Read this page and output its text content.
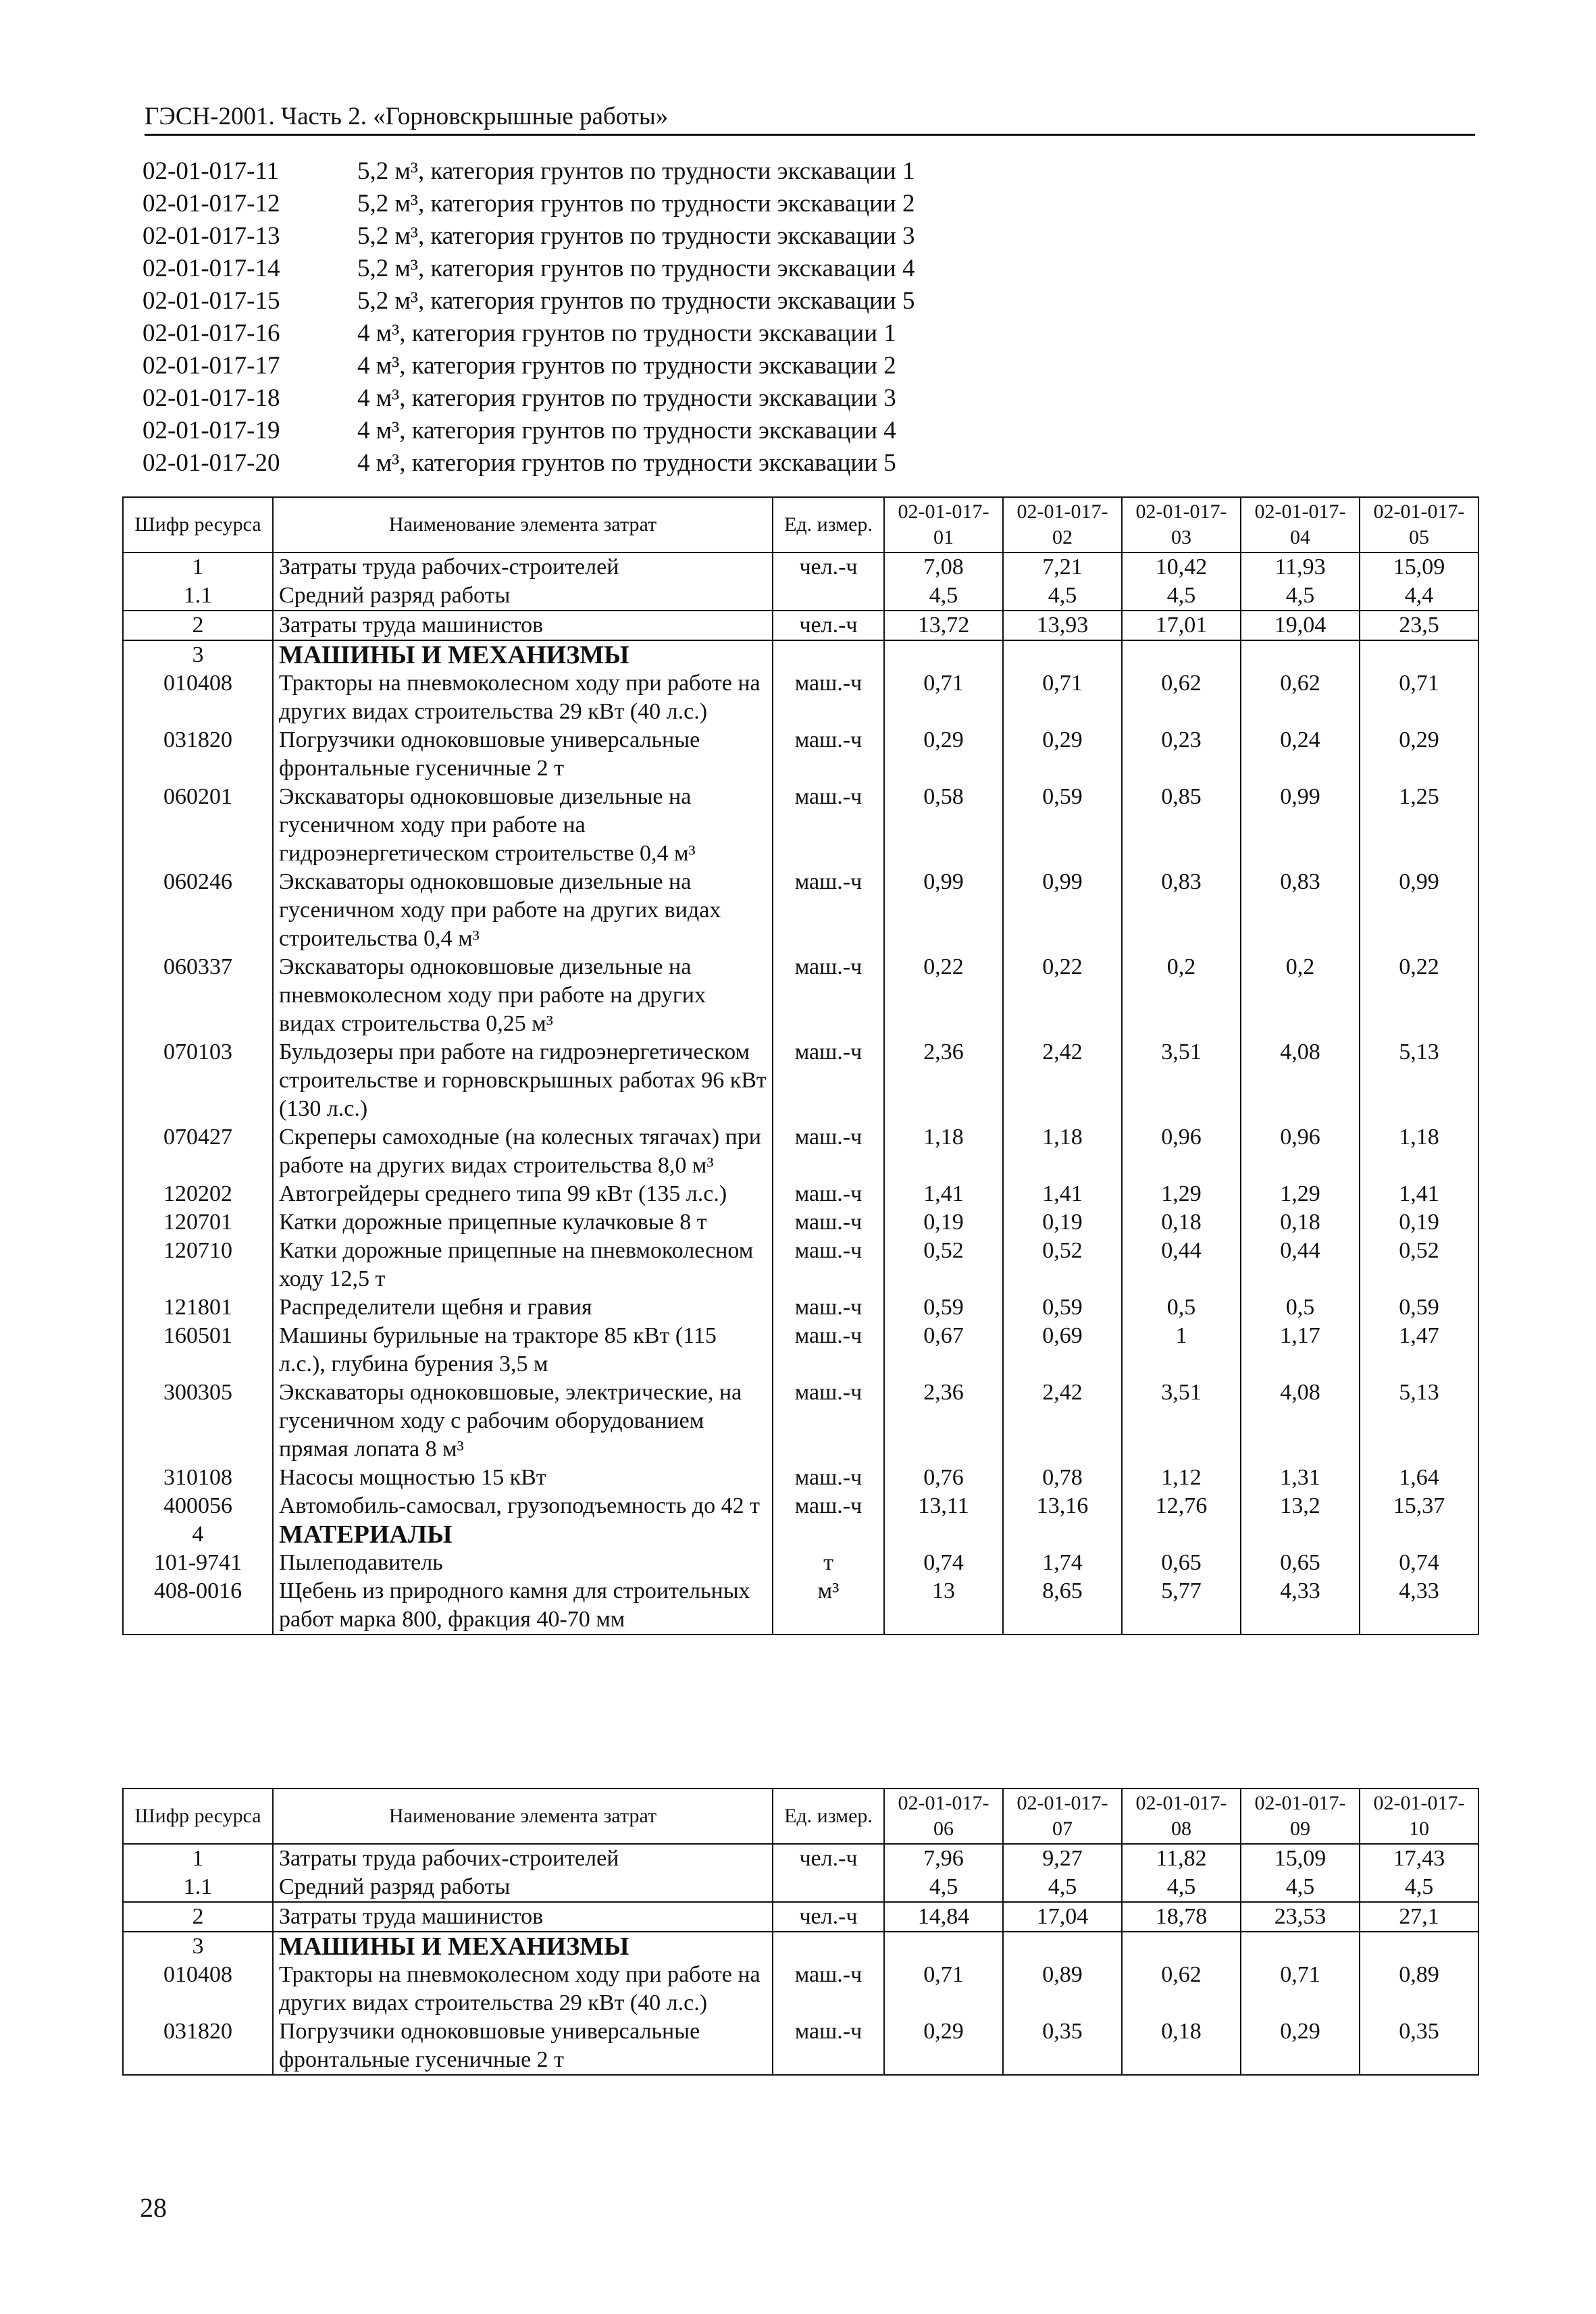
ГЭСН-2001. Часть 2. «Горновскрышные работы»
02-01-017-11	5,2 м³, категория грунтов по трудности экскавации 1
02-01-017-12	5,2 м³, категория грунтов по трудности экскавации 2
02-01-017-13	5,2 м³, категория грунтов по трудности экскавации 3
02-01-017-14	5,2 м³, категория грунтов по трудности экскавации 4
02-01-017-15	5,2 м³, категория грунтов по трудности экскавации 5
02-01-017-16	4 м³, категория грунтов по трудности экскавации 1
02-01-017-17	4 м³, категория грунтов по трудности экскавации 2
02-01-017-18	4 м³, категория грунтов по трудности экскавации 3
02-01-017-19	4 м³, категория грунтов по трудности экскавации 4
02-01-017-20	4 м³, категория грунтов по трудности экскавации 5
Шифр ресурса	Наименование элемента затрат	Ед. измер.	02-01-017-01	02-01-017-02	02-01-017-03	02-01-017-04	02-01-017-05
1	Затраты труда рабочих-строителей	чел.-ч	7,08	7,21	10,42	11,93	15,09
1.1	Средний разряд работы		4,5	4,5	4,5	4,5	4,4
2	Затраты труда машинистов	чел.-ч	13,72	13,93	17,01	19,04	23,5
3	МАШИНЫ И МЕХАНИЗМЫ						
010408	Тракторы на пневмоколесном ходу при работе на других видах строительства 29 кВт (40 л.с.)	маш.-ч	0,71	0,71	0,62	0,62	0,71
031820	Погрузчики одноковшовые универсальные фронтальные гусеничные 2 т	маш.-ч	0,29	0,29	0,23	0,24	0,29
060201	Экскаваторы одноковшовые дизельные на гусеничном ходу при работе на гидроэнергетическом строительстве 0,4 м³	маш.-ч	0,58	0,59	0,85	0,99	1,25
060246	Экскаваторы одноковшовые дизельные на гусеничном ходу при работе на других видах строительства 0,4 м³	маш.-ч	0,99	0,99	0,83	0,83	0,99
060337	Экскаваторы одноковшовые дизельные на пневмоколесном ходу при работе на других видах строительства 0,25 м³	маш.-ч	0,22	0,22	0,2	0,2	0,22
070103	Бульдозеры при работе на гидроэнергетическом строительстве и горновскрышных работах 96 кВт (130 л.с.)	маш.-ч	2,36	2,42	3,51	4,08	5,13
070427	Скреперы самоходные (на колесных тягачах) при работе на других видах строительства 8,0 м³	маш.-ч	1,18	1,18	0,96	0,96	1,18
120202	Автогрейдеры среднего типа 99 кВт (135 л.с.)	маш.-ч	1,41	1,41	1,29	1,29	1,41
120701	Катки дорожные прицепные кулачковые 8 т	маш.-ч	0,19	0,19	0,18	0,18	0,19
120710	Катки дорожные прицепные на пневмоколесном ходу 12,5 т	маш.-ч	0,52	0,52	0,44	0,44	0,52
121801	Распределители щебня и гравия	маш.-ч	0,59	0,59	0,5	0,5	0,59
160501	Машины бурильные на тракторе 85 кВт (115 л.с.), глубина бурения 3,5 м	маш.-ч	0,67	0,69	1	1,17	1,47
300305	Экскаваторы одноковшовые, электрические, на гусеничном ходу с рабочим оборудованием прямая лопата 8 м³	маш.-ч	2,36	2,42	3,51	4,08	5,13
310108	Насосы мощностью 15 кВт	маш.-ч	0,76	0,78	1,12	1,31	1,64
400056	Автомобиль-самосвал, грузоподъемность до 42 т	маш.-ч	13,11	13,16	12,76	13,2	15,37
4	МАТЕРИАЛЫ						
101-9741	Пылеподавитель	т	0,74	1,74	0,65	0,65	0,74
408-0016	Щебень из природного камня для строительных работ марка 800, фракция 40-70 мм	м³	13	8,65	5,77	4,33	4,33
Шифр ресурса	Наименование элемента затрат	Ед. измер.	02-01-017-06	02-01-017-07	02-01-017-08	02-01-017-09	02-01-017-10
1	Затраты труда рабочих-строителей	чел.-ч	7,96	9,27	11,82	15,09	17,43
1.1	Средний разряд работы		4,5	4,5	4,5	4,5	4,5
2	Затраты труда машинистов	чел.-ч	14,84	17,04	18,78	23,53	27,1
3	МАШИНЫ И МЕХАНИЗМЫ						
010408	Тракторы на пневмоколесном ходу при работе на других видах строительства 29 кВт (40 л.с.)	маш.-ч	0,71	0,89	0,62	0,71	0,89
031820	Погрузчики одноковшовые универсальные фронтальные гусеничные 2 т	маш.-ч	0,29	0,35	0,18	0,29	0,35
28
